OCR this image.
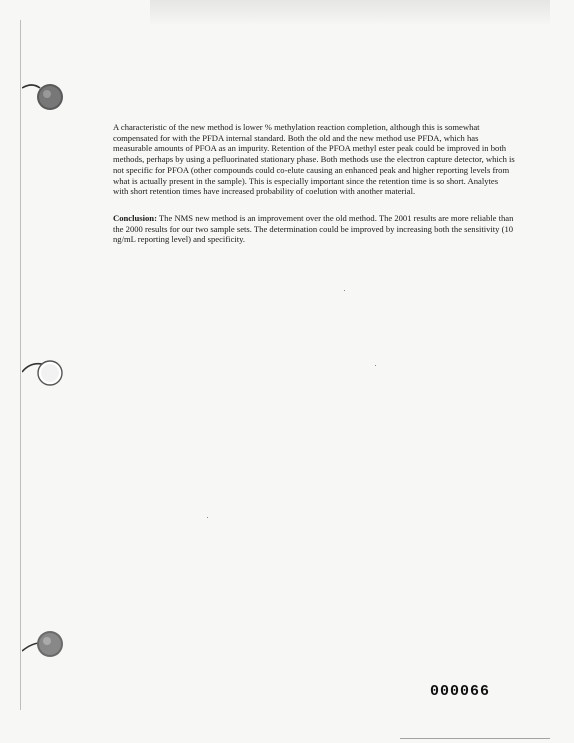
A characteristic of the new method is lower % methylation reaction completion, although this is somewhat compensated for with the PFDA internal standard. Both the old and the new method use PFDA, which has measurable amounts of PFOA as an impurity. Retention of the PFOA methyl ester peak could be improved in both methods, perhaps by using a pefluorinated stationary phase. Both methods use the electron capture detector, which is not specific for PFOA (other compounds could co-elute causing an enhanced peak and higher reporting levels from what is actually present in the sample). This is especially important since the retention time is so short. Analytes with short retention times have increased probability of coelution with another material.

Conclusion: The NMS new method is an improvement over the old method. The 2001 results are more reliable than the 2000 results for our two sample sets. The determination could be improved by increasing both the sensitivity (10 ng/mL reporting level) and specificity.

000066
